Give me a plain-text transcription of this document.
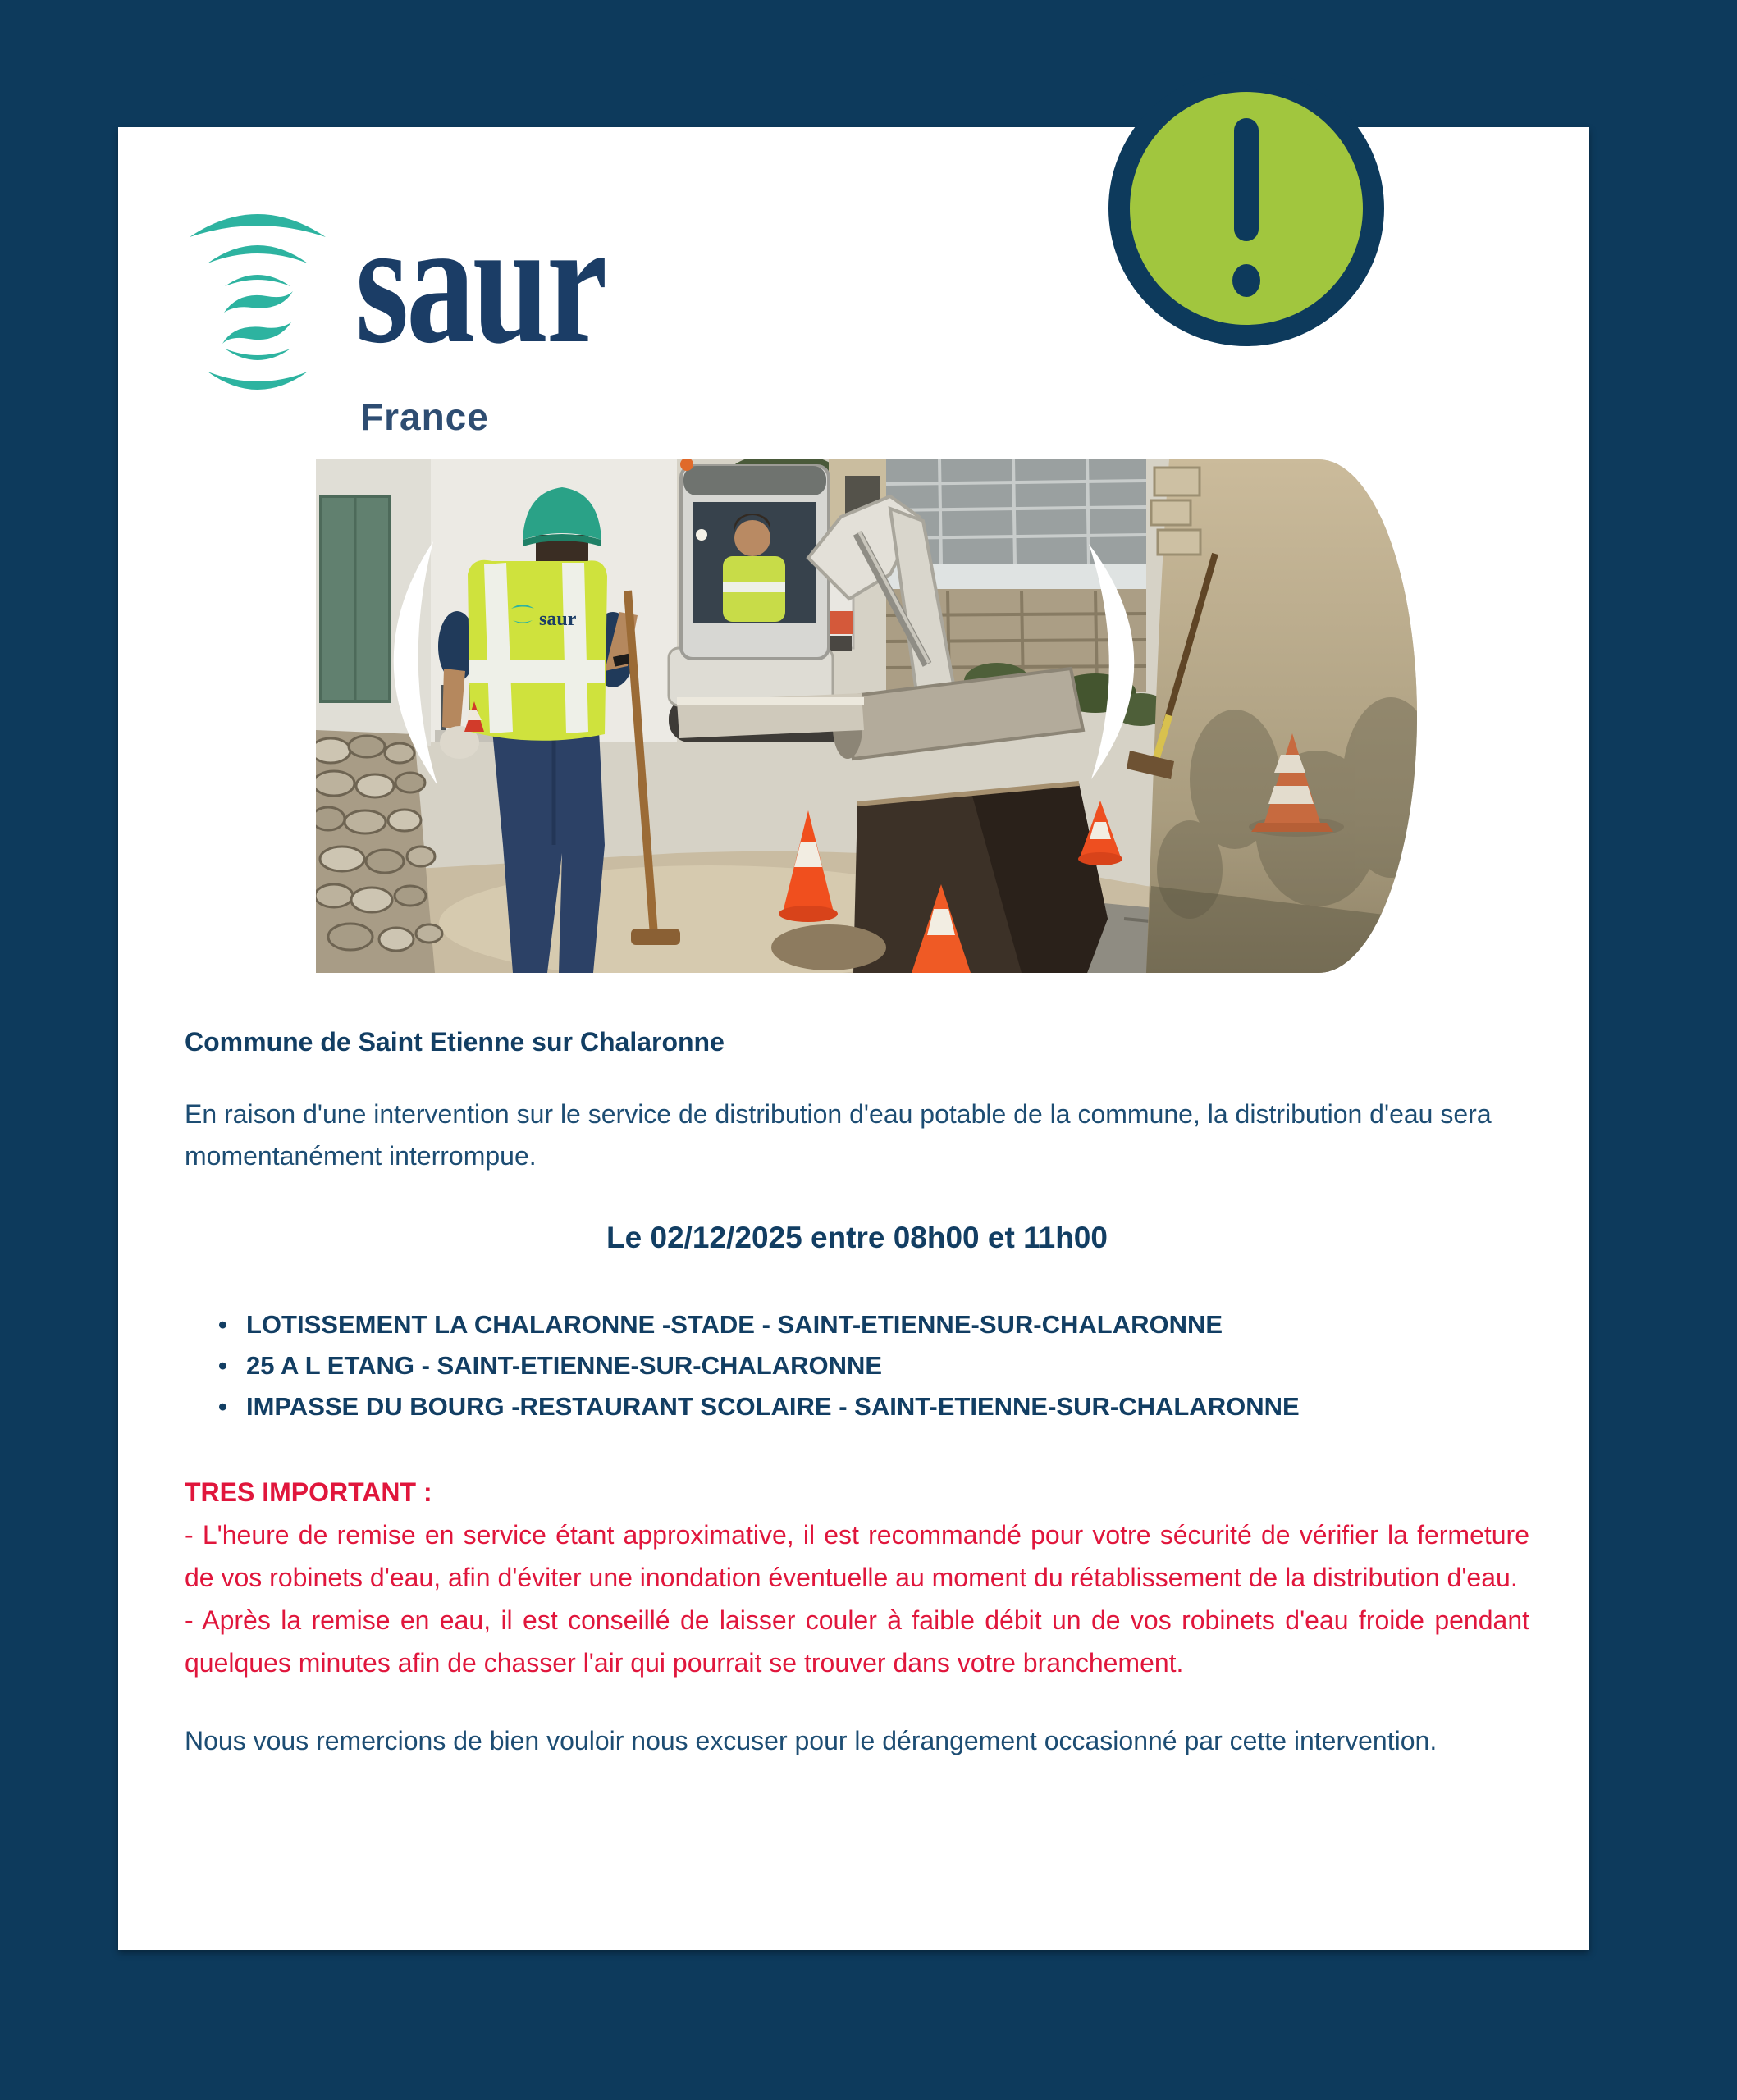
saur
France
saur
Commune de Saint Etienne sur Chalaronne

En raison d'une intervention sur le service de distribution d'eau potable de la commune, la distribution d'eau sera momentanément interrompue.

Le 02/12/2025 entre 08h00 et 11h00

• LOTISSEMENT LA CHALARONNE -STADE - SAINT-ETIENNE-SUR-CHALARONNE
• 25 A L ETANG - SAINT-ETIENNE-SUR-CHALARONNE
• IMPASSE DU BOURG -RESTAURANT SCOLAIRE - SAINT-ETIENNE-SUR-CHALARONNE

TRES IMPORTANT :

- L'heure de remise en service étant approximative, il est recommandé pour votre sécurité de vérifier la fermeture de vos robinets d'eau, afin d'éviter une inondation éventuelle au moment du rétablissement de la distribution d'eau.

- Après la remise en eau, il est conseillé de laisser couler à faible débit un de vos robinets d'eau froide pendant quelques minutes afin de chasser l'air qui pourrait se trouver dans votre branchement.

Nous vous remercions de bien vouloir nous excuser pour le dérangement occasionné par cette intervention.
